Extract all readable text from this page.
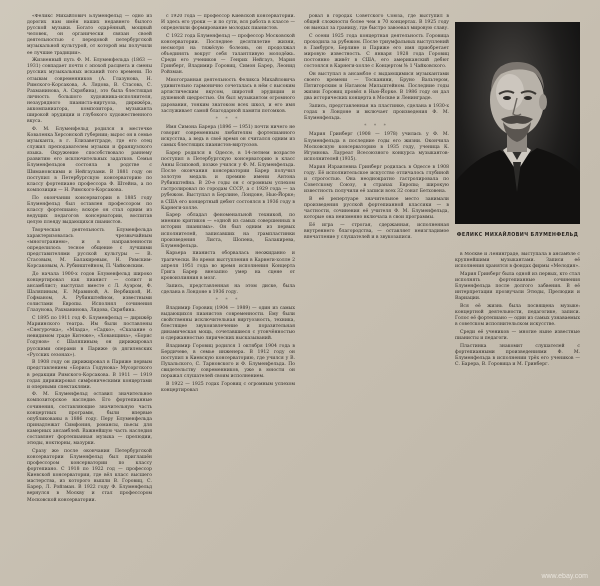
«Феликс Михайлович Блуменфельд — одно из дорогих нам имён наших недавнего былого русской музыки. Богато одарённый, мощный человек, он органически связан своей деятельностью с передовой петербургской музыкальной культурой, от которой мы получили ее лучшие традиции».

Жизненный путь Ф. М. Блуменфельда (1863 — 1931) совпадает почти с эпохой расцвета и смены русских музыкальных исканий того времени. По отзывам современников (А. Глазунова, Н. Римского-Корсакова, А. Лядова, В. Стасова, С. Рахманинова, А. Скрябина), это была блестящая личность большого художника-исполнителя, незаурядного пианиста-виртуоза, дирижёра, аккомпаниатора, композитора, музыканта широкой эрудиции и глубокого художественного вкуса.

Ф. М. Блуменфельд родился в местечке Коваленка Херсонской губернии; вырос он в семье музыканта, в г. Елизаветграде, где его отец служил преподавателем музыки и французского языка. Окружение способствовало раннему развитию его исключительных задатков. Семья Блуменфельдов состояла в родстве с Шимановскими и Нейгаузами. В 1881 году он поступил в Петербургскую консерваторию по классу фортепиано профессора Ф. Штейна, а по композиции — Н. Римского-Корсакова.

По окончании консерватории в 1885 году Блуменфельд был оставлен профессором по классу фортепиано; вскоре он стал одним из ведущих педагогов консерватории, воспитав целую плеяду выдающихся пианистов.

Творческая деятельность Блуменфельда характеризовалась чрезвычайным «многогранием», и в направленности определилось тесное общение с лучшими представителями русской культуры — В. Стасовым, М. Балакиревым, Н. Римским-Корсаковым, А. Рубинштейном, П. Чайковским.

До начала 1900-х годов Блуменфельд широко концертировал как пианист — солист и ансамблист; выступал вместе с Л. Ауэром, Ф. Шаляпиным, Е. Мравиной, А. Вербицкой, И. Гофманом, А. Рубинштейном, известными солистами Европы. Исполнял сочинения Глазунова, Рахманинова, Лядова, Скрябина.

С 1895 по 1911 год Ф. Блуменфельд — дирижёр Мариинского театра. Им были поставлены «Снегурочка», «Млада», «Садко», «Сказание о невидимом граде Китеже», «Хованщина», «Борис Годунов» с Шаляпиным; он дирижировал русскими операми в Париже (в дягилевских «Русских сезонах»).

В 1908 году он дирижировал в Париже первым представлением «Бориса Годунова» Мусоргского в редакции Римского-Корсакова. В 1911 — 1919 годах дирижировал симфоническими концертами и оперными спектаклями.

Ф. М. Блуменфельд оставил значительное композиторское наследие. Его фортепианные сочинения, составляющие значительную часть концертных программ, были впервые опубликованы в 1886 году. Перу Блуменфельда принадлежат Симфония, романсы, пьесы для камерных ансамблей. Важнейшую часть наследия составляет фортепианная музыка — прелюдии, этюды, ноктюрны, мазурки.

Сразу же после окончания Петербургской консерватории Блуменфельд был приглашён профессором консерватории по классу фортепиано. С 1918 по 1922 год — профессор Киевской консерватории, где вёл класс высшего мастерства, из которого вышли В. Горовиц, С. Барер, Л. Ройзман. В 1922 году Ф. Блуменфельд вернулся в Москву и стал профессором Московской консерватории.

с 1920 года — профессор Киевской консерватории. И здесь его уроки — и по сути, вся работа в классе — определили формирование молодых пианистов.

С 1922 года Блуменфельд — профессор Московской консерватории. Последнее десятилетие жизни, несмотря на тяжёлую болезнь, он продолжал объединять вокруг себя талантливую молодёжь. Среди его учеников — Генрих Нейгауз, Мария Гринберг, Владимир Горовиц, Симон Барер, Леонид Ройзман.

Многогранная деятельность Феликса Михайловича удивительно гармонично сочеталась в нём с высоким артистическим вкусом, широтой эрудиции и душевной щедростью. Он был музыкантом огромного дарования, тонким знатоком всех школ, и его имя заслуживает самой благодарной памяти потомков.

* * *

Имя Симона Барера (1896 — 1951) почти ничего не говорит современным любителям фортепианного искусства, а ведь в своё время он считался одним из самых блестящих пианистов-виртуозов.

Барер родился в Одессе, в 14-летнем возрасте поступил в Петербургскую консерваторию в класс Анны Есиповой, позже учился у Ф. М. Блуменфельда. После окончания консерватории Барер получил золотую медаль и премию имени Антона Рубинштейна. В 20-е годы он с огромным успехом гастролировал по городам СССР, а с 1929 года — за рубежом. Выступал в Берлине, Лондоне, Нью-Йорке; в США его концертный дебют состоялся в 1936 году в Карнеги-холле.

Барер обладал феноменальной техникой, по мнению критиков — «одной из самых совершенных в истории пианизма». Он был одним из первых исполнителей, записавших на грампластинки произведения Листа, Шопена, Балакирева, Блуменфельда.

Карьера пианиста оборвалась неожиданно и трагически. Во время выступления в Карнеги-холле 2 апреля 1951 года во время исполнения Концерта Грига Барер внезапно умер на сцене от кровоизлияния в мозг.

Запись, представленная на этом диске, была сделана в Лондоне в 1936 году.

* * *

Владимир Горовиц (1904 — 1989) — один из самых выдающихся пианистов современности. Ему были свойственны исключительная виртуозность, техника, блестящее звукоизвлечение и поразительная динамическая мощь, сочетавшиеся с утончённостью и сдержанностью лирических высказываний.

Владимир Горовиц родился 1 октября 1904 года в Бердичеве, в семье инженера. В 1912 году он поступил в Киевскую консерваторию, где учился у В. Пухальского, С. Тарновского и Ф. Блуменфельда. По свидетельству современников, уже в юности он поражал слушателей своим исполнением.

В 1922 — 1925 годах Горовиц с огромным успехом концертировал

ровал в городах Советского Союза, где выступил в общей сложности более чем в 70 концертах. В 1925 году он выехал за границу, где быстро завоевал мировую славу.

С осени 1925 года концертная деятельность Горовица проходила за рубежом. После триумфальных выступлений в Гамбурге, Берлине и Париже его имя приобретает мировую известность. С января 1928 года Горовиц постоянно живёт в США, его американский дебют состоялся в Карнеги-холле с Концертом № 1 Чайковского.

Он выступал в ансамбле с выдающимися музыкантами своего времени — Тосканини, Бруно Вальтером, Пятигорским и Натаном Мильштейном. Последние годы жизни Горовиц провёл в Нью-Йорке. В 1986 году он дал два исторических концерта в Москве и Ленинграде.

Запись, представленная на пластинке, сделана в 1930-х годах в Лондоне и включает произведения Ф. М. Блуменфельда.

* * *

Мария Гринберг (1908 — 1978) училась у Ф. М. Блуменфельда в последние годы его жизни. Окончила Московскую консерваторию в 1935 году, ученица К. Игумнова. Лауреат Всесоюзного конкурса музыкантов-исполнителей (1935).

Мария Израилевна Гринберг родилась в Одессе в 1908 году. Её исполнительское искусство отличалось глубиной и строгостью. Она неоднократно гастролировала по Советскому Союзу, в странах Европы; широкую известность получили её записи всех 32 сонат Бетховена.

В её репертуаре значительное место занимали произведения русской фортепианной классики — в частности, сочинения её учителя Ф. М. Блуменфельда, которые она неизменно включала в свои программы.

Её игра — строгая, сдержанная, исполненная внутреннего благородства, — оставляет неизгладимое впечатление у слушателей и в звукозаписи.

в Москве и Ленинграде, выступала в ансамбле с крупнейшими музыкантами. Записи её исполнения хранятся в фондах фирмы «Мелодия».

Мария Гринберг была одной из первых, кто стал исполнять фортепианные сочинения Блуменфельда после долгого забвения. В её интерпретации прозвучали Этюды, Прелюдии и Вариации.

Вся её жизнь была посвящена музыке: концертной деятельности, педагогике, записи. Голос её фортепиано — один из самых узнаваемых в советском исполнительском искусстве.

Среди её учеников — многие ныне известные пианисты и педагоги.

Пластинка знакомит слушателей с фортепианными произведениями Ф. М. Блуменфельда в исполнении трёх его учеников — С. Барера, В. Горовица и М. Гринберг.

ФЕЛИКС МИХАЙЛОВИЧ БЛУМЕНФЕЛЬД
www.ebay.com
